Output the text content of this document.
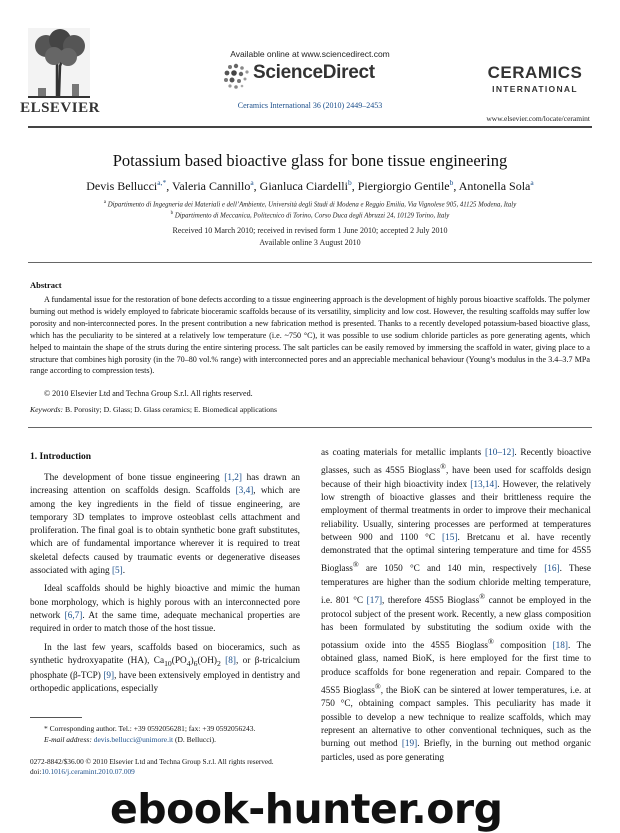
ELSEVIER
Available online at www.sciencedirect.com
ScienceDirect
Ceramics International 36 (2010) 2449–2453
CERAMICS
INTERNATIONAL
www.elsevier.com/locate/ceramint
Potassium based bioactive glass for bone tissue engineering
Devis Bellucci$^{a,*}$, Valeria Cannillo$^a$, Gianluca Ciardelli$^b$, Piergiorgio Gentile$^b$, Antonella Sola$^a$
$^a$ Dipartimento di Ingegneria dei Materiali e dell’Ambiente, Università degli Studi di Modena e Reggio Emilia, Via Vignolese 905, 41125 Modena, Italy
$^b$ Dipartimento di Meccanica, Politecnico di Torino, Corso Duca degli Abruzzi 24, 10129 Torino, Italy
Received 10 March 2010; received in revised form 1 June 2010; accepted 2 July 2010
Available online 3 August 2010
Abstract

A fundamental issue for the restoration of bone defects according to a tissue engineering approach is the development of highly porous bioactive scaffolds. The polymer burning out method is widely employed to fabricate bioceramic scaffolds because of its versatility, simplicity and low cost. However, the resulting scaffolds may suffer low porosity and non-interconnected pores. In the present contribution a new fabrication method is presented. Thanks to a recently developed potassium-based bioactive glass, which has the peculiarity to be sintered at a relatively low temperature (i.e. ~750 °C), it was possible to use sodium chloride particles as pore generating agents, which helped to maintain the shape of the struts during the entire sintering process. The salt particles can be easily removed by immersing the scaffold in water, giving place to a structure that combines high porosity (in the 70–80 vol.% range) with interconnected pores and an appreciable mechanical behaviour (Young’s modulus in the 3.4–3.7 MPa range according to compression tests).

© 2010 Elsevier Ltd and Techna Group S.r.l. All rights reserved.
Keywords: B. Porosity; D. Glass; D. Glass ceramics; E. Biomedical applications
1. Introduction

The development of bone tissue engineering [1,2] has drawn an increasing attention on scaffolds design. Scaffolds [3,4], which are among the key ingredients in the field of tissue engineering, are temporary 3D templates to improve osteoblast cells attachment and proliferation. The final goal is to obtain synthetic bone graft substitutes, which are of fundamental importance wherever it is required to treat skeletal defects caused by traumatic events or degenerative diseases associated with aging [5].

Ideal scaffolds should be highly bioactive and mimic the human bone morphology, which is highly porous with an interconnected pore network [6,7]. At the same time, adequate mechanical properties are required in order to match those of the host tissue.

In the last few years, scaffolds based on bioceramics, such as synthetic hydroxyapatite (HA), $Ca_{10}(PO_4)_6(OH)_2$ [8], or β-tricalcium phosphate (β-TCP) [9], have been extensively employed in dentistry and orthopedic applications, especially

as coating materials for metallic implants [10–12]. Recently bioactive glasses, such as 45S5 Bioglass®, have been used for scaffolds design because of their high bioactivity index [13,14]. However, the relatively low strength of bioactive glasses and their brittleness require the employment of thermal treatments in order to improve their mechanical reliability. Usually, sintering processes are performed at temperatures between 900 and 1100 °C [15]. Bretcanu et al. have recently demonstrated that the optimal sintering temperature and time for 45S5 Bioglass® are 1050 °C and 140 min, respectively [16]. These temperatures are higher than the sodium chloride melting temperature, i.e. 801 °C [17], therefore 45S5 Bioglass® cannot be employed in the protocol subject of the present work. Recently, a new glass composition has been formulated by substituting the sodium oxide with the potassium oxide into the 45S5 Bioglass® composition [18]. The obtained glass, named BioK, is here employed for the first time to produce scaffolds for bone regeneration and repair. Compared to the 45S5 Bioglass®, the BioK can be sintered at lower temperatures, i.e. at 750 °C, obtaining compact samples. This peculiarity has made it possible to develop a new technique to realize scaffolds, which may represent an alternative to other conventional techniques, such as the burning out method [19]. Briefly, in the burning out method organic particles, used as pore generating

* Corresponding author. Tel.: +39 0592056281; fax: +39 0592056243.
E-mail address: devis.bellucci@unimore.it (D. Bellucci).
0272-8842/$36.00 © 2010 Elsevier Ltd and Techna Group S.r.l. All rights reserved.
doi:10.1016/j.ceramint.2010.07.009
ebook-hunter.org
